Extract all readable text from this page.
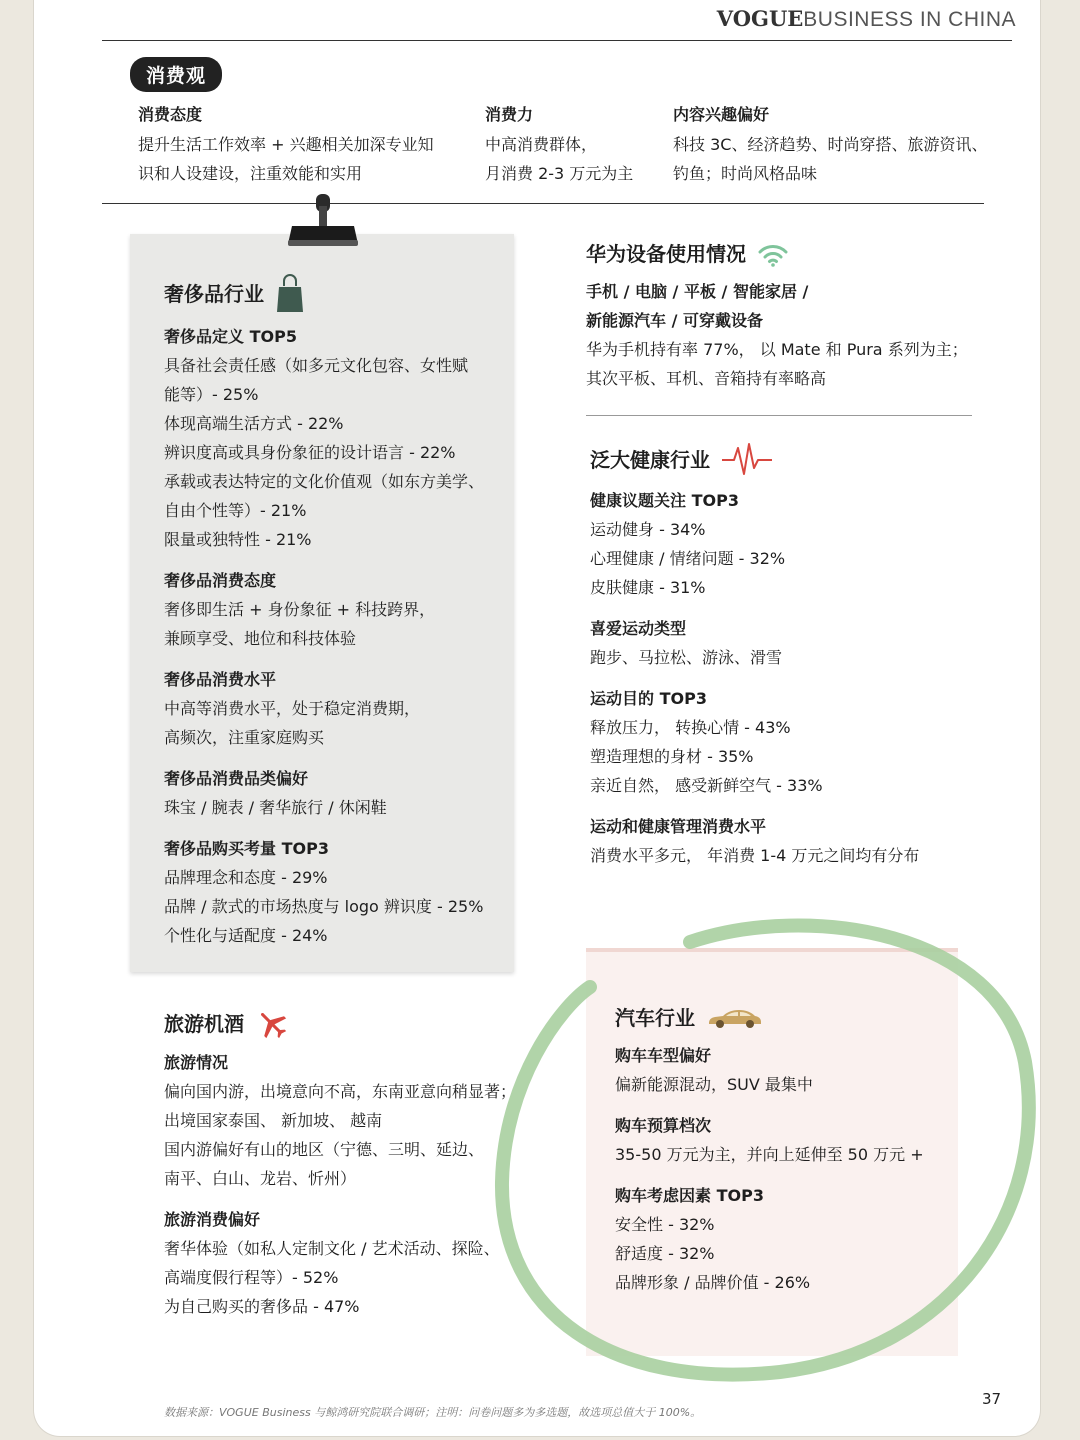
VOGUEBUSINESS IN CHINA
消费观
消费态度
提升生活工作效率 + 兴趣相关加深专业知
识和人设建设，注重效能和实用
消费力
中高消费群体，
月消费 2-3 万元为主
内容兴趣偏好
科技 3C、经济趋势、时尚穿搭、旅游资讯、
钓鱼；时尚风格品味
奢侈品行业
奢侈品定义 TOP5
具备社会责任感（如多元文化包容、女性赋
能等）- 25%
体现高端生活方式 - 22%
辨识度高或具身份象征的设计语言 - 22%
承载或表达特定的文化价值观（如东方美学、
自由个性等）- 21%
限量或独特性 - 21%
奢侈品消费态度
奢侈即生活 + 身份象征 + 科技跨界，
兼顾享受、地位和科技体验
奢侈品消费水平
中高等消费水平，处于稳定消费期，
高频次，注重家庭购买
奢侈品消费品类偏好
珠宝 / 腕表 / 奢华旅行 / 休闲鞋
奢侈品购买考量 TOP3
品牌理念和态度 - 29%
品牌 / 款式的市场热度与 logo 辨识度 - 25%
个性化与适配度 - 24%
华为设备使用情况
手机 / 电脑 / 平板 / 智能家居 /
新能源汽车 / 可穿戴设备
华为手机持有率 77%， 以 Mate 和 Pura 系列为主；
其次平板、耳机、音箱持有率略高
泛大健康行业
健康议题关注 TOP3
运动健身 - 34%
心理健康 / 情绪问题 - 32%
皮肤健康 - 31%
喜爱运动类型
跑步、马拉松、游泳、滑雪
运动目的 TOP3
释放压力， 转换心情 - 43%
塑造理想的身材 - 35%
亲近自然， 感受新鲜空气 - 33%
运动和健康管理消费水平
消费水平多元， 年消费 1-4 万元之间均有分布
旅游机酒
旅游情况
偏向国内游，出境意向不高，东南亚意向稍显著；
出境国家泰国、 新加坡、 越南
国内游偏好有山的地区（宁德、三明、延边、
南平、白山、龙岩、忻州）
旅游消费偏好
奢华体验（如私人定制文化 / 艺术活动、探险、
高端度假行程等）- 52%
为自己购买的奢侈品 - 47%
汽车行业
购车车型偏好
偏新能源混动，SUV 最集中
购车预算档次
35-50 万元为主，并向上延伸至 50 万元 +
购车考虑因素 TOP3
安全性 - 32%
舒适度 - 32%
品牌形象 / 品牌价值 - 26%
数据来源：VOGUE Business 与鲸鸿研究院联合调研；注明：问卷问题多为多选题，故选项总值大于 100%。
37
